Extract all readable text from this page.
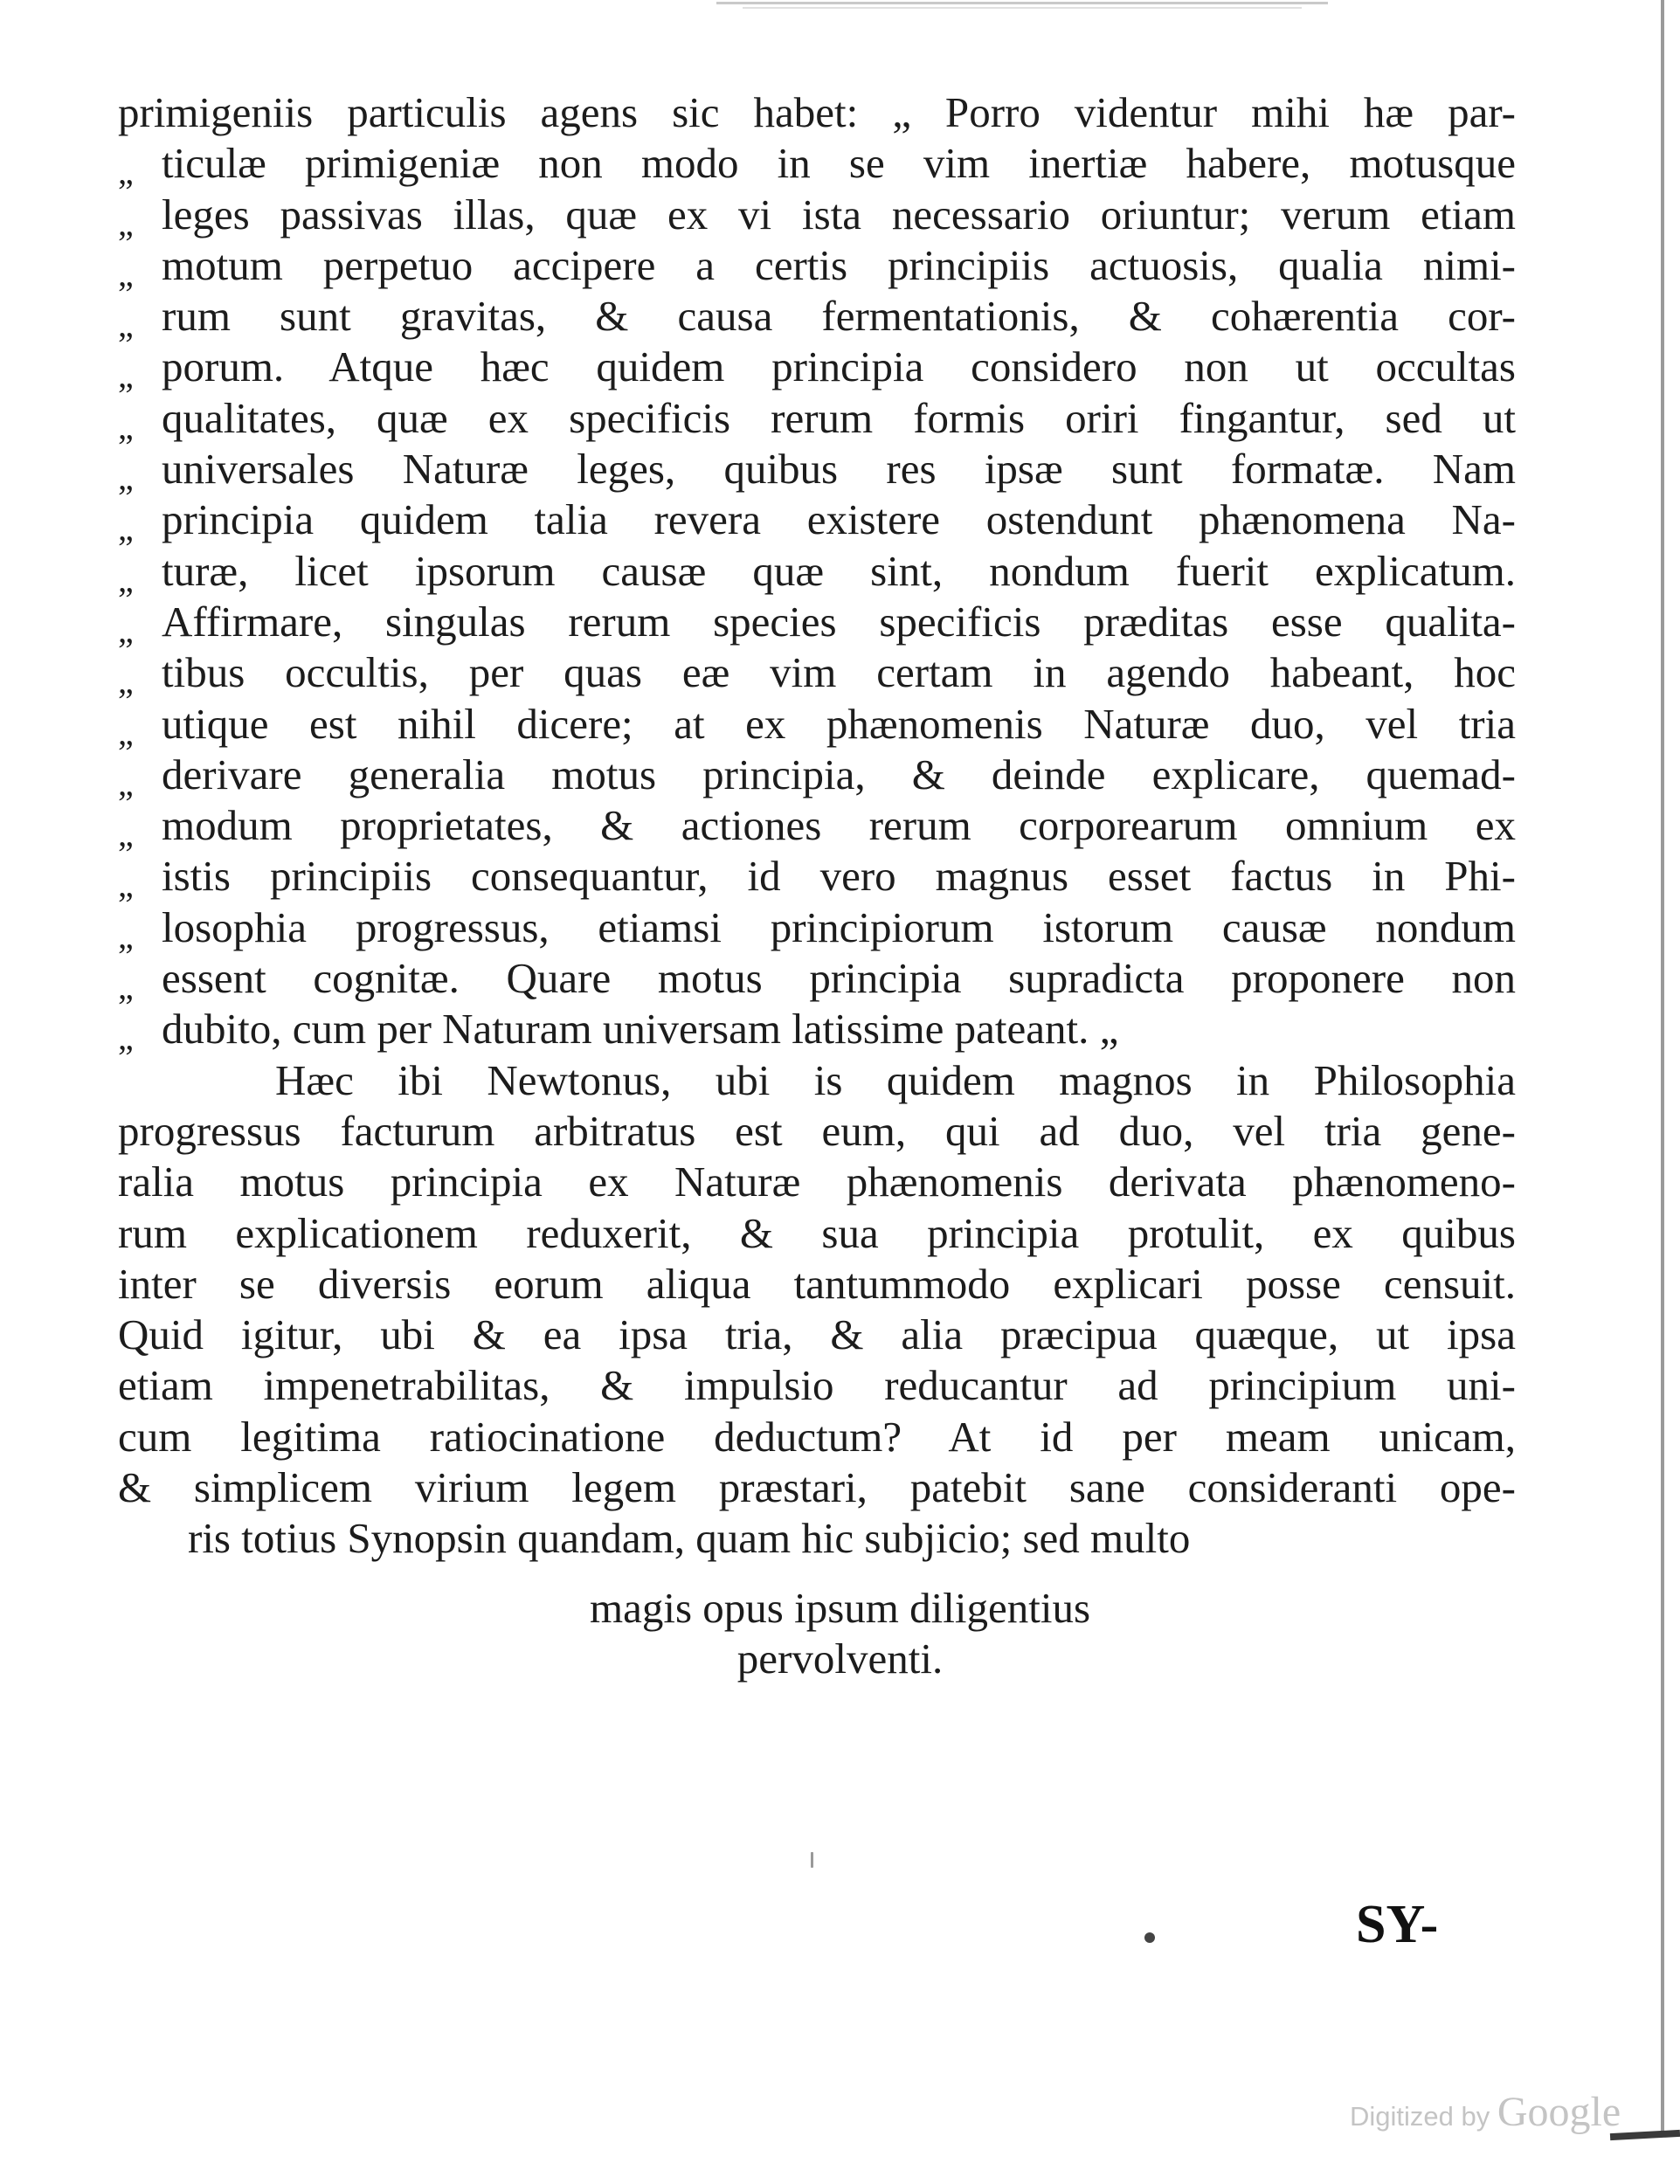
primigeniis particulis agens sic habet: „ Porro videntur mihi hæ par-
„ ticulæ primigeniæ non modo in se vim inertiæ habere, motusque
„ leges passivas illas, quæ ex vi ista necessario oriuntur; verum etiam
„ motum perpetuo accipere a certis principiis actuosis, qualia nimi-
„ rum sunt gravitas, & causa fermentationis, & cohærentia cor-
„ porum. Atque hæc quidem principia considero non ut occultas
„ qualitates, quæ ex specificis rerum formis oriri fingantur, sed ut
„ universales Naturæ leges, quibus res ipsæ sunt formatæ. Nam
„ principia quidem talia revera existere ostendunt phænomena Na-
„ turæ, licet ipsorum causæ quæ sint, nondum fuerit explicatum.
„ Affirmare, singulas rerum species specificis præditas esse qualita-
„ tibus occultis, per quas eæ vim certam in agendo habeant, hoc
„ utique est nihil dicere; at ex phænomenis Naturæ duo, vel tria
„ derivare generalia motus principia, & deinde explicare, quemad-
„ modum proprietates, & actiones rerum corporearum omnium ex
„ istis principiis consequantur, id vero magnus esset factus in Phi-
„ losophia progressus, etiamsi principiorum istorum causæ nondum
„ essent cognitæ. Quare motus principia supradicta proponere non
„ dubito, cum per Naturam universam latissime pateant. „
Hæc ibi Newtonus, ubi is quidem magnos in Philosophia
progressus facturum arbitratus est eum, qui ad duo, vel tria gene-
ralia motus principia ex Naturæ phænomenis derivata phænomeno-
rum explicationem reduxerit, & sua principia protulit, ex quibus
inter se diversis eorum aliqua tantummodo explicari posse censuit.
Quid igitur, ubi & ea ipsa tria, & alia præcipua quæque, ut ipsa
etiam impenetrabilitas, & impulsio reducantur ad principium uni-
cum legitima ratiocinatione deductum? At id per meam unicam,
& simplicem virium legem præstari, patebit sane consideranti ope-
ris totius Synopsin quandam, quam hic subjicio; sed multo
magis opus ipsum diligentius
pervolventi.
SY-
Digitized by Google
